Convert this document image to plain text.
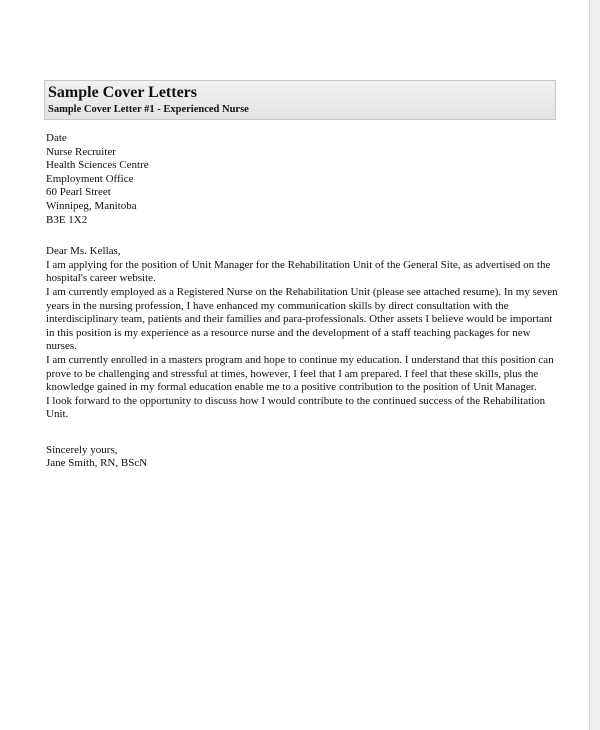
Sample Cover Letters
Sample Cover Letter #1 - Experienced Nurse

Date

Nurse Recruiter
Health Sciences Centre
Employment Office
60 Pearl Street
Winnipeg, Manitoba
B3E 1X2

Dear Ms. Kellas,

I am applying for the position of Unit Manager for the Rehabilitation Unit of the General Site, as advertised on the hospital's career website.

I am currently employed as a Registered Nurse on the Rehabilitation Unit (please see attached resume). In my seven years in the nursing profession, I have enhanced my communication skills by direct consultation with the interdisciplinary team, patients and their families and para-professionals. Other assets I believe would be important in this position is my experience as a resource nurse and the development of a staff teaching packages for new nurses.

I am currently enrolled in a masters program and hope to continue my education. I understand that this position can prove to be challenging and stressful at times, however, I feel that I am prepared. I feel that these skills, plus the knowledge gained in my formal education enable me to a positive contribution to the position of Unit Manager.

I look forward to the opportunity to discuss how I would contribute to the continued success of the Rehabilitation Unit.

Sincerely yours,

Jane Smith, RN, BScN
